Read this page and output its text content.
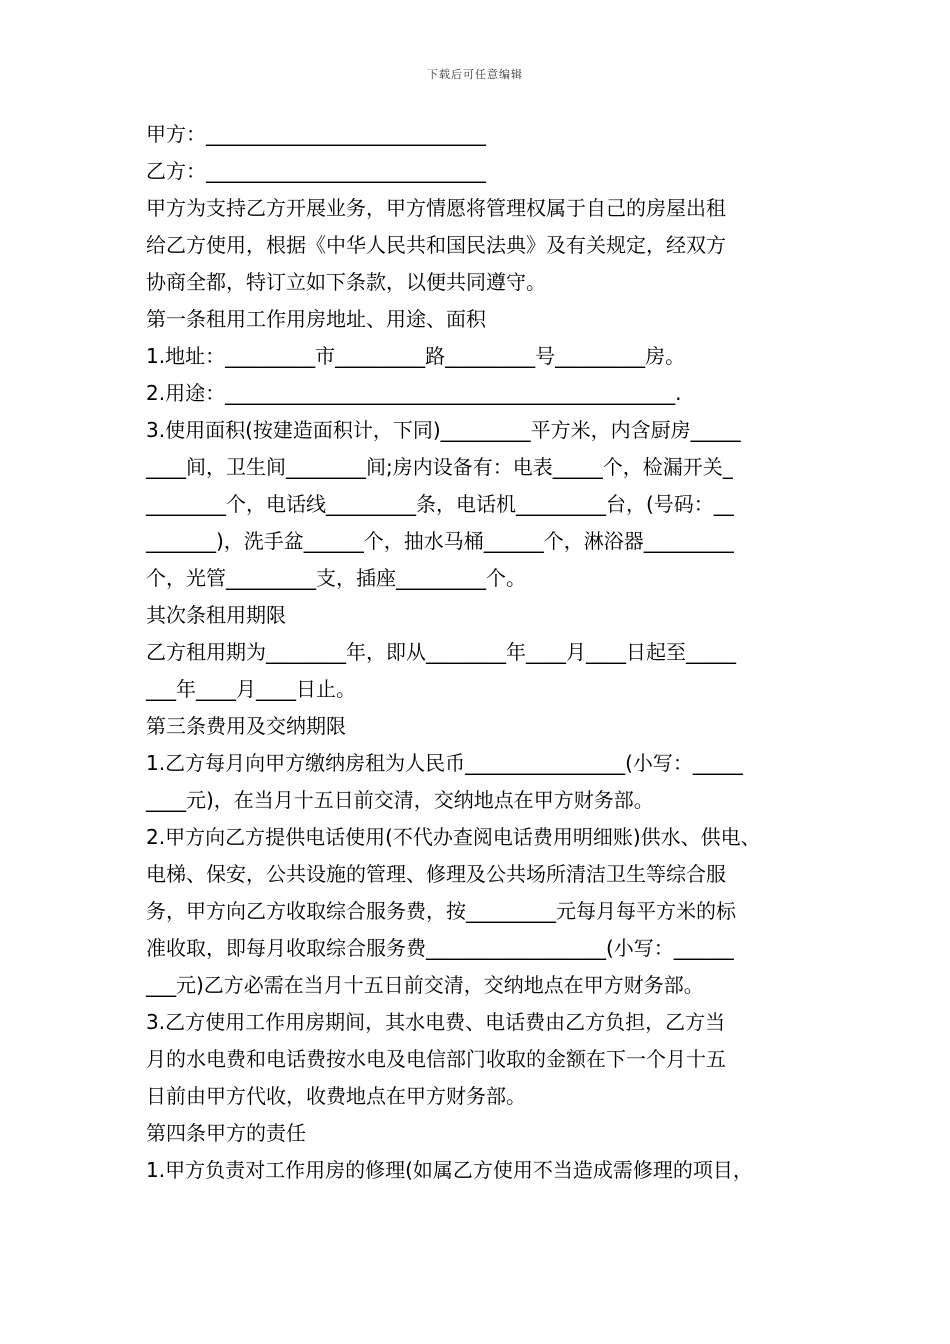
下载后可任意编辑
甲方：____________________________
乙方：____________________________
甲方为支持乙方开展业务，甲方情愿将管理权属于自己的房屋出租
给乙方使用，根据《中华人民共和国民法典》及有关规定，经双方
协商全都，特订立如下条款，以便共同遵守。
第一条租用工作用房地址、用途、面积
1.地址：_________市_________路_________号_________房。
2.用途：_____________________________________________.
3.使用面积(按建造面积计，下同)_________平方米，内含厨房_____
____间，卫生间________间;房内设备有：电表_____个，检漏开关_
________个，电话线_________条，电话机_________台，(号码：__
_______)，洗手盆______个，抽水马桶______个，淋浴器_________
个，光管_________支，插座_________个。
其次条租用期限
乙方租用期为________年，即从________年____月____日起至_____
___年____月____日止。
第三条费用及交纳期限
1.乙方每月向甲方缴纳房租为人民币________________(小写：_____
____元)，在当月十五日前交清，交纳地点在甲方财务部。
2.甲方向乙方提供电话使用(不代办查阅电话费用明细账)供水、供电、
电梯、保安，公共设施的管理、修理及公共场所清洁卫生等综合服
务，甲方向乙方收取综合服务费，按_________元每月每平方米的标
准收取，即每月收取综合服务费__________________(小写：______
___元)乙方必需在当月十五日前交清，交纳地点在甲方财务部。
3.乙方使用工作用房期间，其水电费、电话费由乙方负担，乙方当
月的水电费和电话费按水电及电信部门收取的金额在下一个月十五
日前由甲方代收，收费地点在甲方财务部。
第四条甲方的责任
1.甲方负责对工作用房的修理(如属乙方使用不当造成需修理的项目，
